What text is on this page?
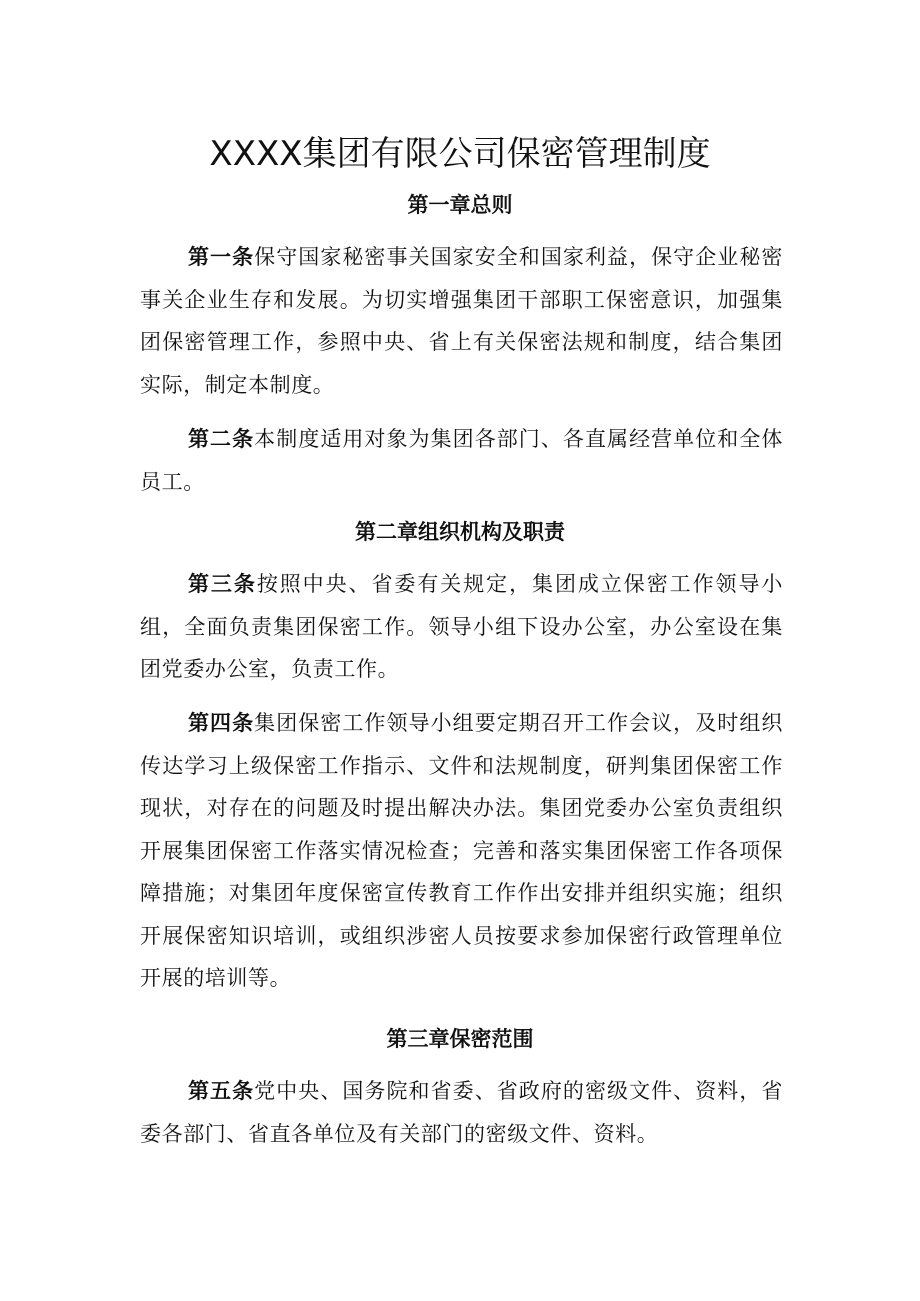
XXXX集团有限公司保密管理制度
第一章总则

第一条保守国家秘密事关国家安全和国家利益，保守企业秘密事关企业生存和发展。为切实增强集团干部职工保密意识，加强集团保密管理工作，参照中央、省上有关保密法规和制度，结合集团实际，制定本制度。

第二条本制度适用对象为集团各部门、各直属经营单位和全体员工。

第二章组织机构及职责

第三条按照中央、省委有关规定，集团成立保密工作领导小组，全面负责集团保密工作。领导小组下设办公室，办公室设在集团党委办公室，负责工作。

第四条集团保密工作领导小组要定期召开工作会议，及时组织传达学习上级保密工作指示、文件和法规制度，研判集团保密工作现状，对存在的问题及时提出解决办法。集团党委办公室负责组织开展集团保密工作落实情况检查；完善和落实集团保密工作各项保障措施；对集团年度保密宣传教育工作作出安排并组织实施；组织开展保密知识培训，或组织涉密人员按要求参加保密行政管理单位开展的培训等。

第三章保密范围

第五条党中央、国务院和省委、省政府的密级文件、资料，省委各部门、省直各单位及有关部门的密级文件、资料。
